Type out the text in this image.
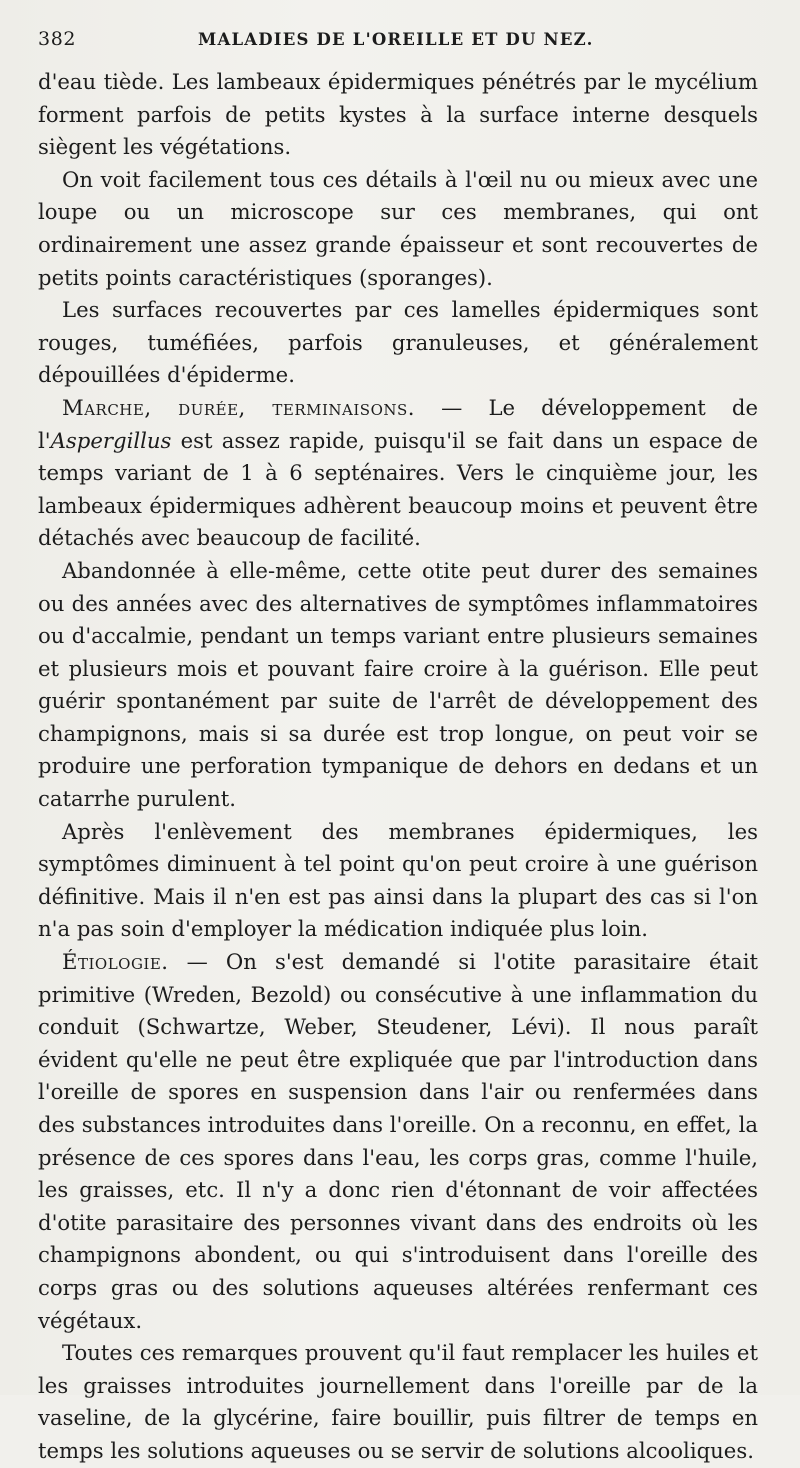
382	MALADIES DE L'OREILLE ET DU NEZ.

d'eau tiède. Les lambeaux épidermiques pénétrés par le mycélium forment parfois de petits kystes à la surface interne desquels siègent les végétations.

On voit facilement tous ces détails à l'œil nu ou mieux avec une loupe ou un microscope sur ces membranes, qui ont ordinairement une assez grande épaisseur et sont recouvertes de petits points caractéristiques (sporanges).

Les surfaces recouvertes par ces lamelles épidermiques sont rouges, tuméfiées, parfois granuleuses, et généralement dépouillées d'épiderme.

Marche, durée, terminaisons. — Le développement de l'Aspergillus est assez rapide, puisqu'il se fait dans un espace de temps variant de 1 à 6 septénaires. Vers le cinquième jour, les lambeaux épidermiques adhèrent beaucoup moins et peuvent être détachés avec beaucoup de facilité.

Abandonnée à elle-même, cette otite peut durer des semaines ou des années avec des alternatives de symptômes inflammatoires ou d'accalmie, pendant un temps variant entre plusieurs semaines et plusieurs mois et pouvant faire croire à la guérison. Elle peut guérir spontanément par suite de l'arrêt de développement des champignons, mais si sa durée est trop longue, on peut voir se produire une perforation tympanique de dehors en dedans et un catarrhe purulent.

Après l'enlèvement des membranes épidermiques, les symptômes diminuent à tel point qu'on peut croire à une guérison définitive. Mais il n'en est pas ainsi dans la plupart des cas si l'on n'a pas soin d'employer la médication indiquée plus loin.

Étiologie. — On s'est demandé si l'otite parasitaire était primitive (Wreden, Bezold) ou consécutive à une inflammation du conduit (Schwartze, Weber, Steudener, Lévi). Il nous paraît évident qu'elle ne peut être expliquée que par l'introduction dans l'oreille de spores en suspension dans l'air ou renfermées dans des substances introduites dans l'oreille. On a reconnu, en effet, la présence de ces spores dans l'eau, les corps gras, comme l'huile, les graisses, etc. Il n'y a donc rien d'étonnant de voir affectées d'otite parasitaire des personnes vivant dans des endroits où les champignons abondent, ou qui s'introduisent dans l'oreille des corps gras ou des solutions aqueuses altérées renfermant ces végétaux.

Toutes ces remarques prouvent qu'il faut remplacer les huiles et les graisses introduites journellement dans l'oreille par de la vaseline, de la glycérine, faire bouillir, puis filtrer de temps en temps les solutions aqueuses ou se servir de solutions alcooliques.
